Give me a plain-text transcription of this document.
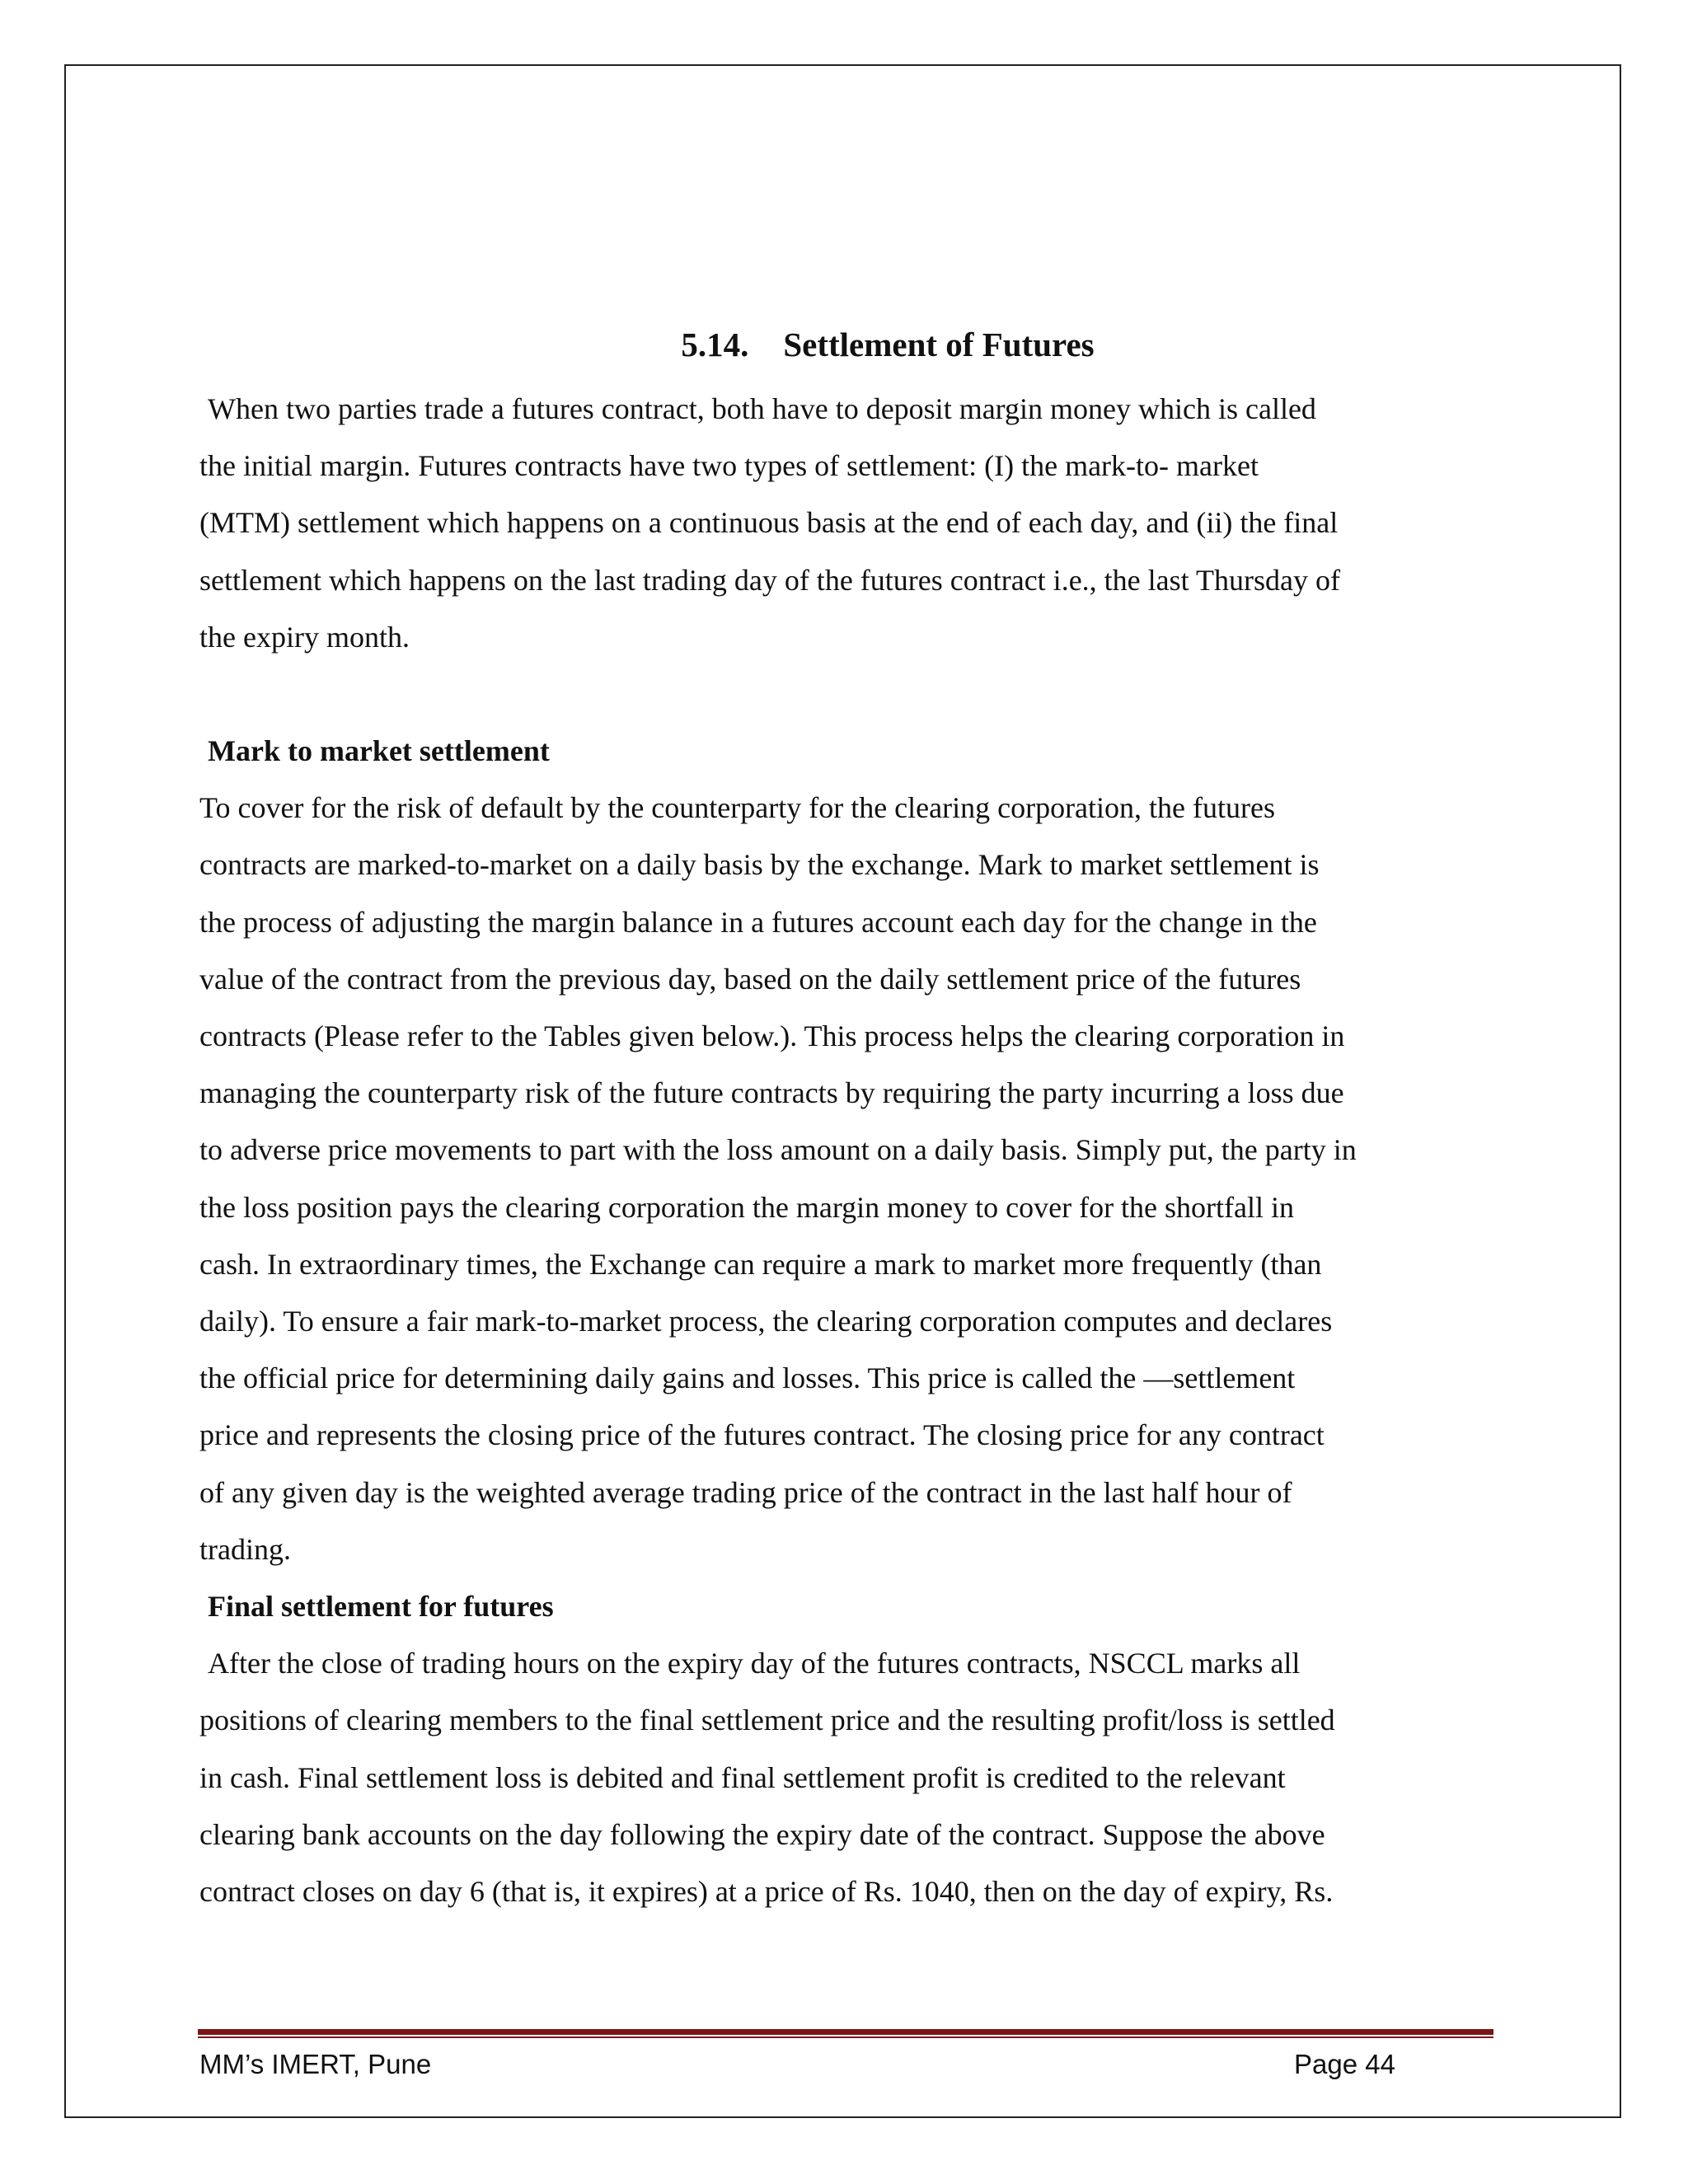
5.14. Settlement of Futures

When two parties trade a futures contract, both have to deposit margin money which is called
the initial margin. Futures contracts have two types of settlement: (I) the mark-to- market
(MTM) settlement which happens on a continuous basis at the end of each day, and (ii) the final
settlement which happens on the last trading day of the futures contract i.e., the last Thursday of
the expiry month.

Mark to market settlement

To cover for the risk of default by the counterparty for the clearing corporation, the futures
contracts are marked-to-market on a daily basis by the exchange. Mark to market settlement is
the process of adjusting the margin balance in a futures account each day for the change in the
value of the contract from the previous day, based on the daily settlement price of the futures
contracts (Please refer to the Tables given below.). This process helps the clearing corporation in
managing the counterparty risk of the future contracts by requiring the party incurring a loss due
to adverse price movements to part with the loss amount on a daily basis. Simply put, the party in
the loss position pays the clearing corporation the margin money to cover for the shortfall in
cash. In extraordinary times, the Exchange can require a mark to market more frequently (than
daily). To ensure a fair mark-to-market process, the clearing corporation computes and declares
the official price for determining daily gains and losses. This price is called the ―settlement
price and represents the closing price of the futures contract. The closing price for any contract
of any given day is the weighted average trading price of the contract in the last half hour of
trading.

Final settlement for futures

After the close of trading hours on the expiry day of the futures contracts, NSCCL marks all
positions of clearing members to the final settlement price and the resulting profit/loss is settled
in cash. Final settlement loss is debited and final settlement profit is credited to the relevant
clearing bank accounts on the day following the expiry date of the contract. Suppose the above
contract closes on day 6 (that is, it expires) at a price of Rs. 1040, then on the day of expiry, Rs.

MM’s IMERT, Pune	Page 44
